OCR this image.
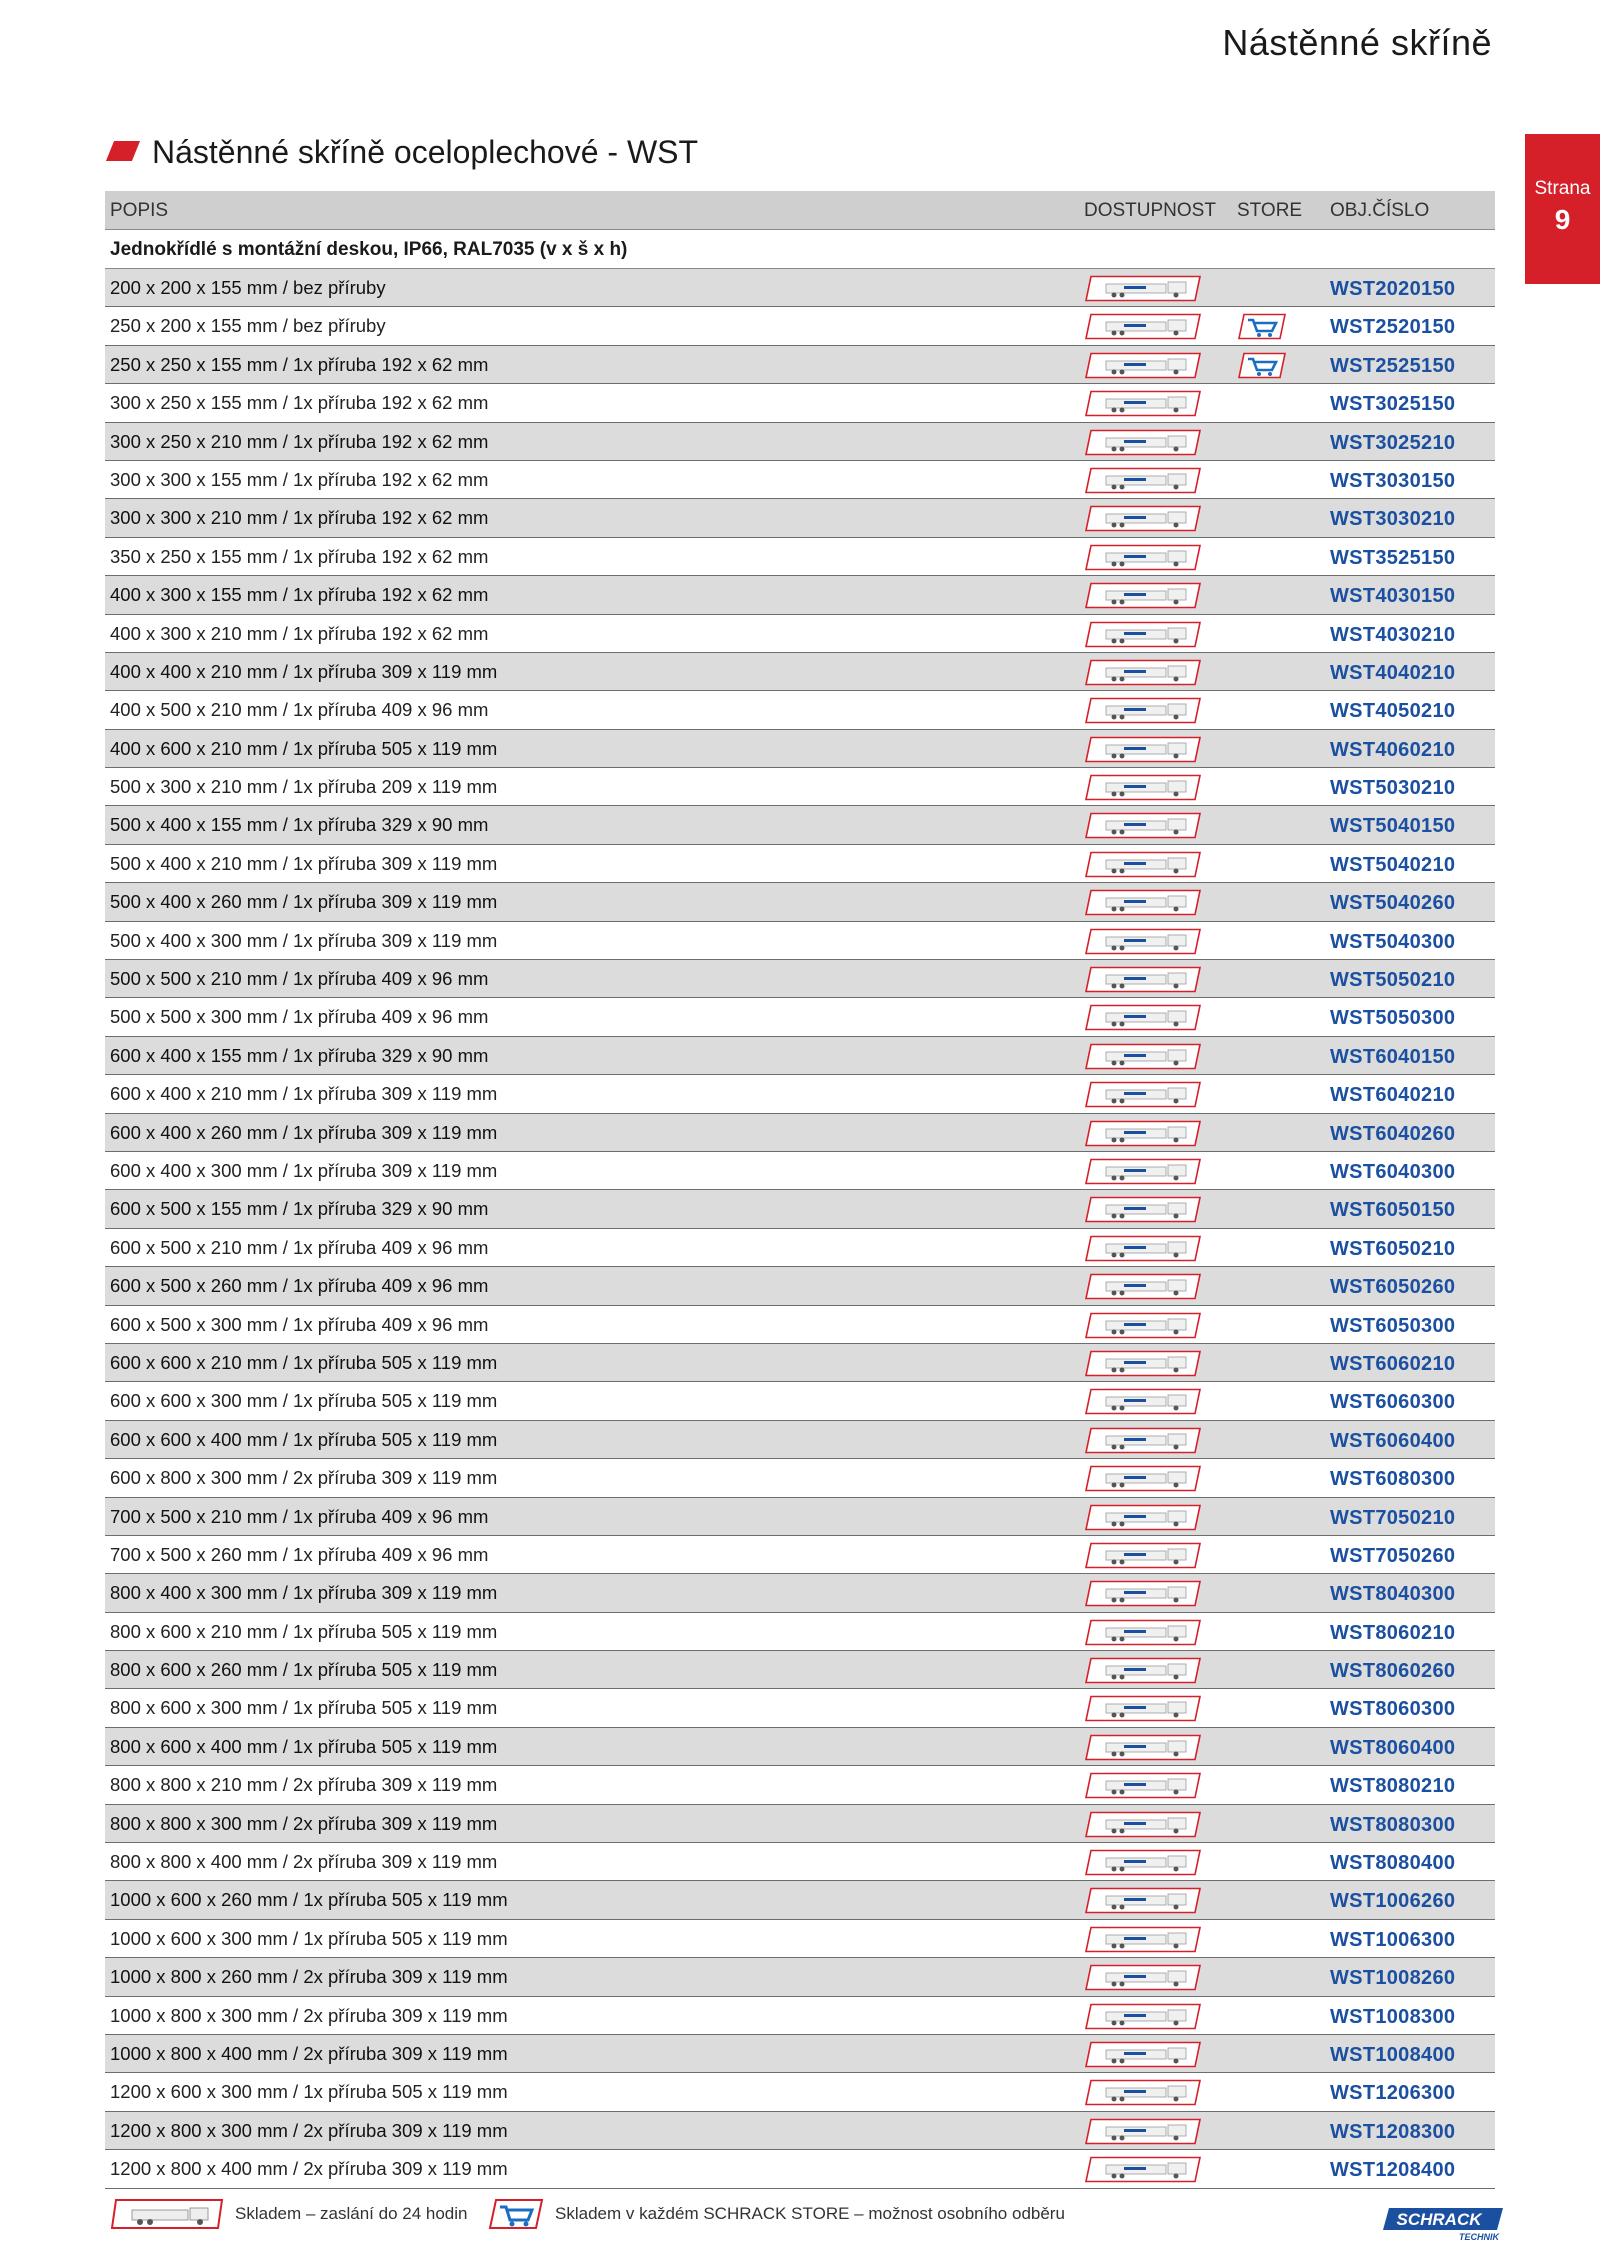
Nástěnné skříně
Strana
9
Nástěnné skříně oceloplechové - WST
POPIS	DOSTUPNOST STORE OBJ.ČÍSLO
Jednokřídlé s montážní deskou, IP66, RAL7035 (v x š x h)
200 x 200 x 155 mm / bez příruby	WST2020150
250 x 200 x 155 mm / bez příruby	WST2520150
250 x 250 x 155 mm / 1x příruba 192 x 62 mm	WST2525150
300 x 250 x 155 mm / 1x příruba 192 x 62 mm	WST3025150
300 x 250 x 210 mm / 1x příruba 192 x 62 mm	WST3025210
300 x 300 x 155 mm / 1x příruba 192 x 62 mm	WST3030150
300 x 300 x 210 mm / 1x příruba 192 x 62 mm	WST3030210
350 x 250 x 155 mm / 1x příruba 192 x 62 mm	WST3525150
400 x 300 x 155 mm / 1x příruba 192 x 62 mm	WST4030150
400 x 300 x 210 mm / 1x příruba 192 x 62 mm	WST4030210
400 x 400 x 210 mm / 1x příruba 309 x 119 mm	WST4040210
400 x 500 x 210 mm / 1x příruba 409 x 96 mm	WST4050210
400 x 600 x 210 mm / 1x příruba 505 x 119 mm	WST4060210
500 x 300 x 210 mm / 1x příruba 209 x 119 mm	WST5030210
500 x 400 x 155 mm / 1x příruba 329 x 90 mm	WST5040150
500 x 400 x 210 mm / 1x příruba 309 x 119 mm	WST5040210
500 x 400 x 260 mm / 1x příruba 309 x 119 mm	WST5040260
500 x 400 x 300 mm / 1x příruba 309 x 119 mm	WST5040300
500 x 500 x 210 mm / 1x příruba 409 x 96 mm	WST5050210
500 x 500 x 300 mm / 1x příruba 409 x 96 mm	WST5050300
600 x 400 x 155 mm / 1x příruba 329 x 90 mm	WST6040150
600 x 400 x 210 mm / 1x příruba 309 x 119 mm	WST6040210
600 x 400 x 260 mm / 1x příruba 309 x 119 mm	WST6040260
600 x 400 x 300 mm / 1x příruba 309 x 119 mm	WST6040300
600 x 500 x 155 mm / 1x příruba 329 x 90 mm	WST6050150
600 x 500 x 210 mm / 1x příruba 409 x 96 mm	WST6050210
600 x 500 x 260 mm / 1x příruba 409 x 96 mm	WST6050260
600 x 500 x 300 mm / 1x příruba 409 x 96 mm	WST6050300
600 x 600 x 210 mm / 1x příruba 505 x 119 mm	WST6060210
600 x 600 x 300 mm / 1x příruba 505 x 119 mm	WST6060300
600 x 600 x 400 mm / 1x příruba 505 x 119 mm	WST6060400
600 x 800 x 300 mm / 2x příruba 309 x 119 mm	WST6080300
700 x 500 x 210 mm / 1x příruba 409 x 96 mm	WST7050210
700 x 500 x 260 mm / 1x příruba 409 x 96 mm	WST7050260
800 x 400 x 300 mm / 1x příruba 309 x 119 mm	WST8040300
800 x 600 x 210 mm / 1x příruba 505 x 119 mm	WST8060210
800 x 600 x 260 mm / 1x příruba 505 x 119 mm	WST8060260
800 x 600 x 300 mm / 1x příruba 505 x 119 mm	WST8060300
800 x 600 x 400 mm / 1x příruba 505 x 119 mm	WST8060400
800 x 800 x 210 mm / 2x příruba 309 x 119 mm	WST8080210
800 x 800 x 300 mm / 2x příruba 309 x 119 mm	WST8080300
800 x 800 x 400 mm / 2x příruba 309 x 119 mm	WST8080400
1000 x 600 x 260 mm / 1x příruba 505 x 119 mm	WST1006260
1000 x 600 x 300 mm / 1x příruba 505 x 119 mm	WST1006300
1000 x 800 x 260 mm / 2x příruba 309 x 119 mm	WST1008260
1000 x 800 x 300 mm / 2x příruba 309 x 119 mm	WST1008300
1000 x 800 x 400 mm / 2x příruba 309 x 119 mm	WST1008400
1200 x 600 x 300 mm / 1x příruba 505 x 119 mm	WST1206300
1200 x 800 x 300 mm / 2x příruba 309 x 119 mm	WST1208300
1200 x 800 x 400 mm / 2x příruba 309 x 119 mm	WST1208400
Skladem – zaslání do 24 hodin	Skladem v každém SCHRACK STORE – možnost osobního odběru	SCHRACK
TECHNIK
